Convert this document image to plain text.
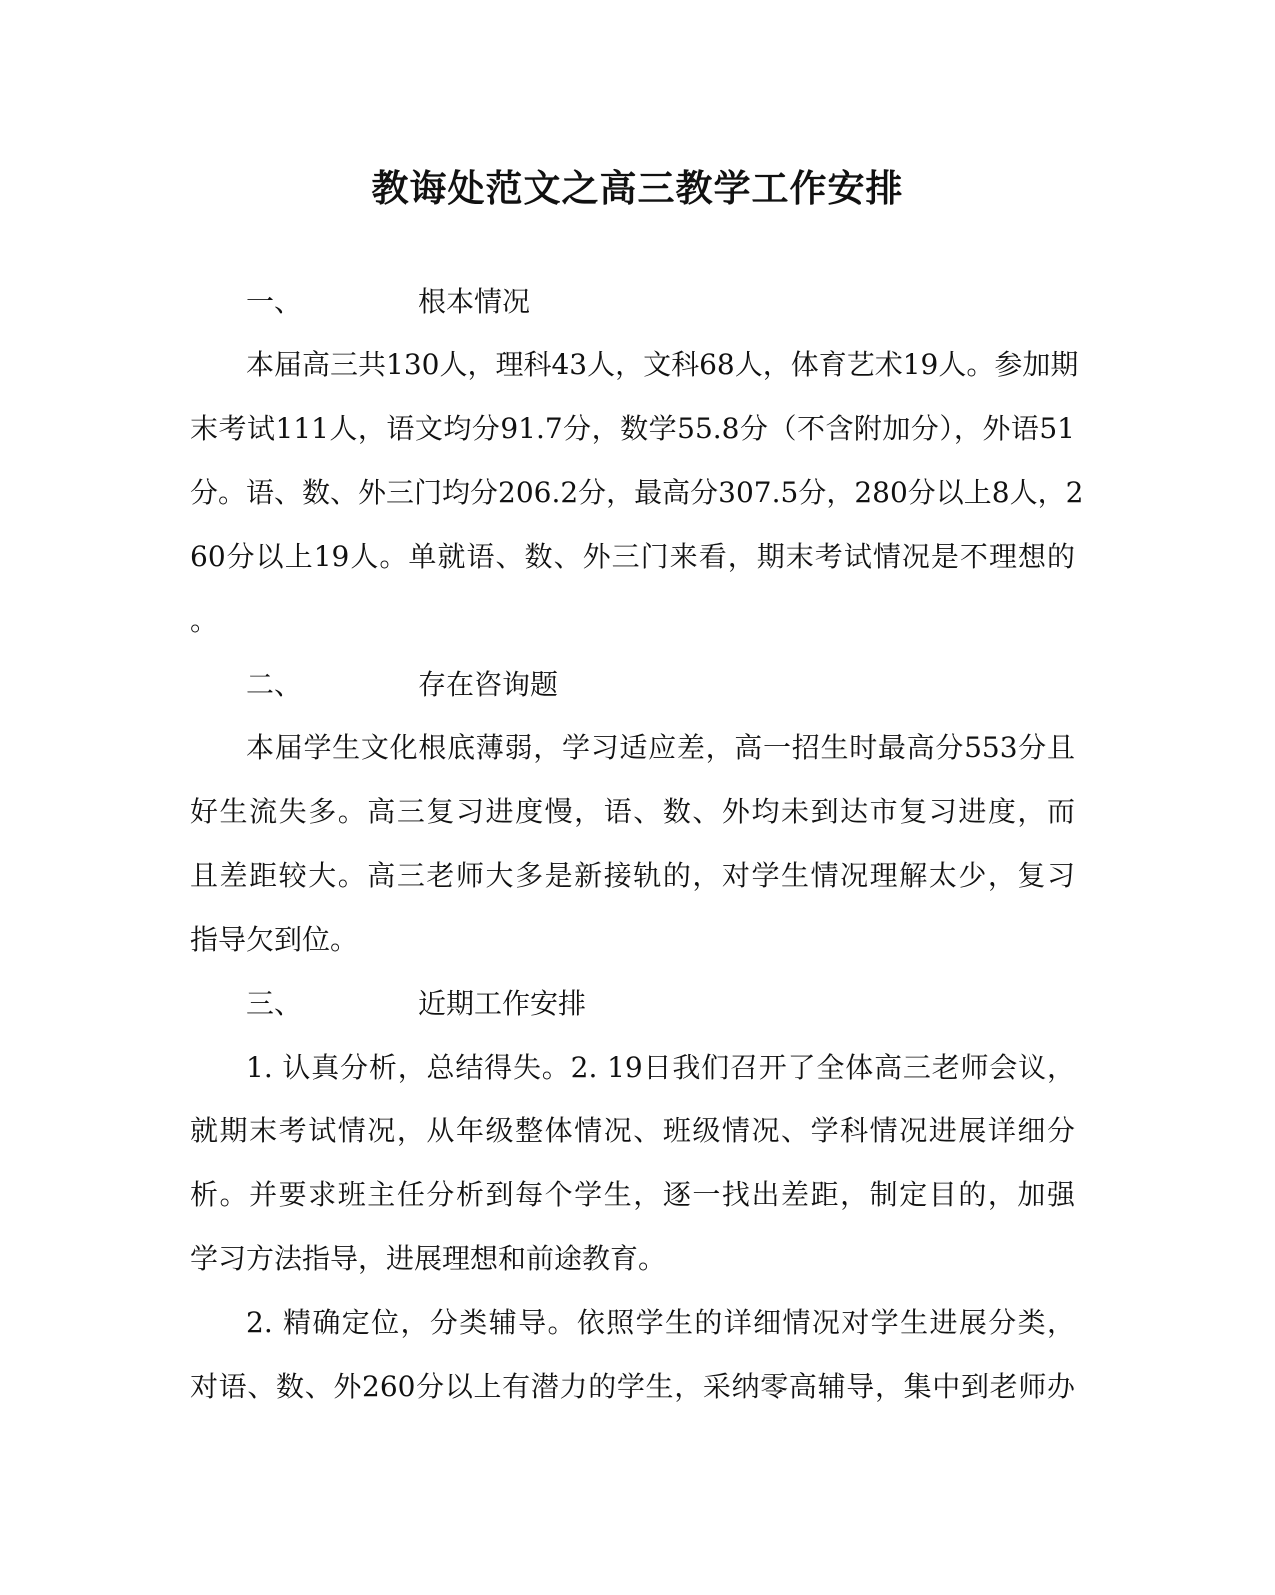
教诲处范文之高三教学工作安排
一、	根本情况
本届高三共130人，理科43人，文科68人，体育艺术19人。参加期
末考试111人，语文均分91.7分，数学55.8分（不含附加分），外语51
分。语、数、外三门均分206.2分，最高分307.5分，280分以上8人，2
60分以上19人。单就语、数、外三门来看，期末考试情况是不理想的
。
二、	存在咨询题
本届学生文化根底薄弱，学习适应差，高一招生时最高分553分且
好生流失多。高三复习进度慢，语、数、外均未到达市复习进度，而
且差距较大。高三老师大多是新接轨的，对学生情况理解太少，复习
指导欠到位。
三、	近期工作安排
1. 认真分析，总结得失。2. 19日我们召开了全体高三老师会议，
就期末考试情况，从年级整体情况、班级情况、学科情况进展详细分
析。并要求班主任分析到每个学生，逐一找出差距，制定目的，加强
学习方法指导，进展理想和前途教育。
2. 精确定位，分类辅导。依照学生的详细情况对学生进展分类，
对语、数、外260分以上有潜力的学生，采纳零高辅导，集中到老师办
